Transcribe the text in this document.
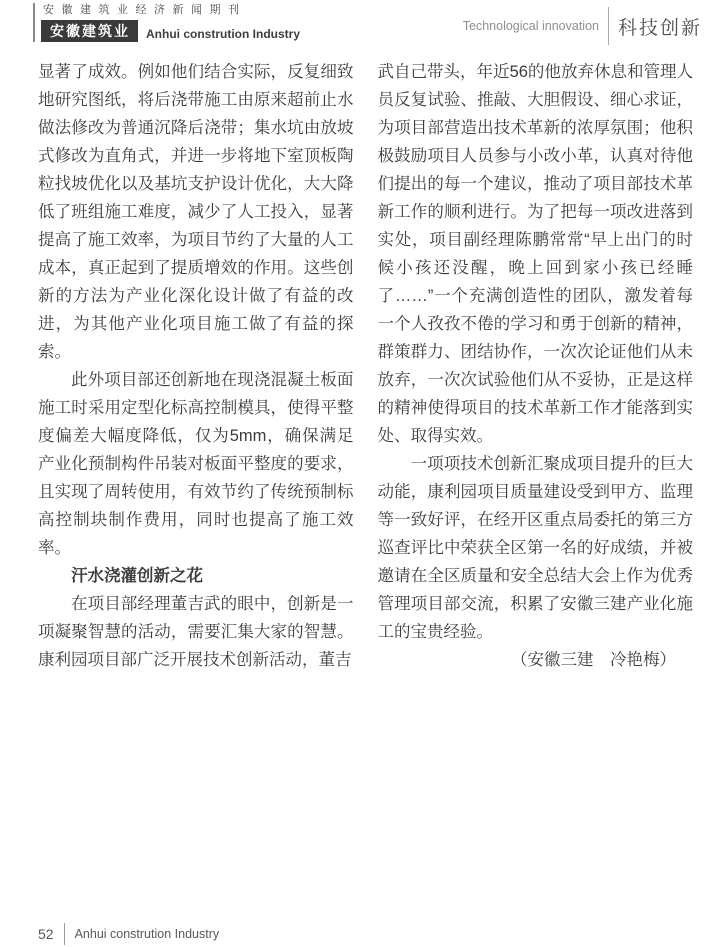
安徽建筑业经济新闻期刊
安徽建筑业	Anhui constrution Industry
Technological innovation 科技创新

显著了成效。例如他们结合实际，反复细致地研究图纸，将后浇带施工由原来超前止水做法修改为普通沉降后浇带；集水坑由放坡式修改为直角式，并进一步将地下室顶板陶粒找坡优化以及基坑支护设计优化，大大降低了班组施工难度，减少了人工投入，显著提高了施工效率，为项目节约了大量的人工成本，真正起到了提质增效的作用。这些创新的方法为产业化深化设计做了有益的改进，为其他产业化项目施工做了有益的探索。

此外项目部还创新地在现浇混凝土板面施工时采用定型化标高控制模具，使得平整度偏差大幅度降低，仅为5mm，确保满足产业化预制构件吊装对板面平整度的要求，且实现了周转使用，有效节约了传统预制标高控制块制作费用，同时也提高了施工效率。

汗水浇灌创新之花

在项目部经理董吉武的眼中，创新是一项凝聚智慧的活动，需要汇集大家的智慧。康利园项目部广泛开展技术创新活动，董吉

武自己带头，年近56的他放弃休息和管理人员反复试验、推敲、大胆假设、细心求证，为项目部营造出技术革新的浓厚氛围；他积极鼓励项目人员参与小改小革，认真对待他们提出的每一个建议，推动了项目部技术革新工作的顺利进行。为了把每一项改进落到实处，项目副经理陈鹏常常“早上出门的时候小孩还没醒，晚上回到家小孩已经睡了……”一个充满创造性的团队，激发着每一个人孜孜不倦的学习和勇于创新的精神，群策群力、团结协作，一次次论证他们从未放弃，一次次试验他们从不妥协，正是这样的精神使得项目的技术革新工作才能落到实处、取得实效。

一项项技术创新汇聚成项目提升的巨大动能，康利园项目质量建设受到甲方、监理等一致好评，在经开区重点局委托的第三方巡查评比中荣获全区第一名的好成绩，并被邀请在全区质量和安全总结大会上作为优秀管理项目部交流，积累了安徽三建产业化施工的宝贵经验。

（安徽三建　冷艳梅）

52 Anhui constrution Industry
